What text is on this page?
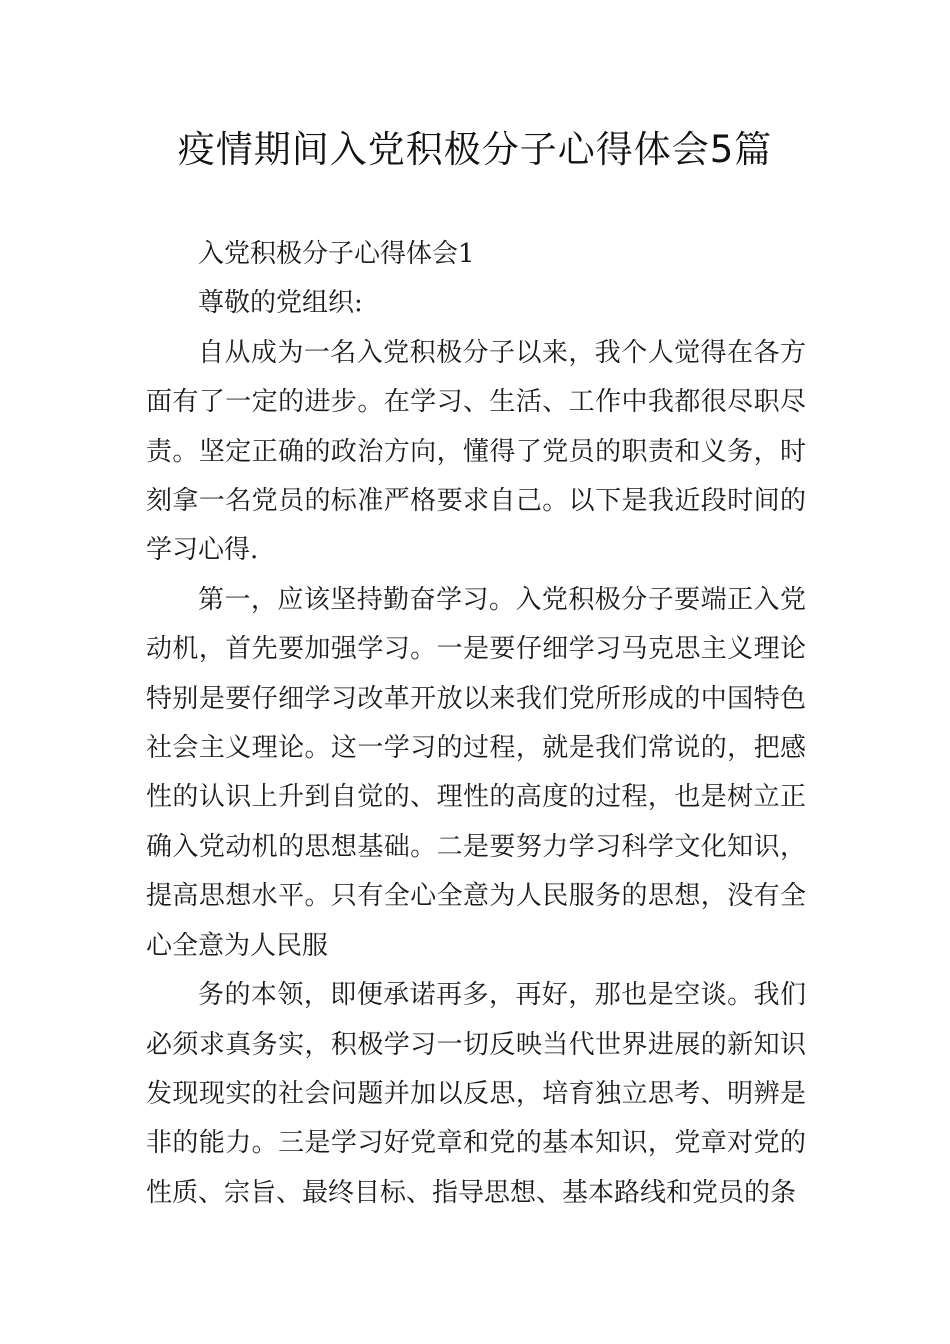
疫情期间入党积极分子心得体会5篇

入党积极分子心得体会1

尊敬的党组织:

自从成为一名入党积极分子以来，我个人觉得在各方面有了一定的进步。在学习、生活、工作中我都很尽职尽责。坚定正确的政治方向，懂得了党员的职责和义务，时刻拿一名党员的标准严格要求自己。以下是我近段时间的学习心得.

第一，应该坚持勤奋学习。入党积极分子要端正入党动机，首先要加强学习。一是要仔细学习马克思主义理论特别是要仔细学习改革开放以来我们党所形成的中国特色社会主义理论。这一学习的过程，就是我们常说的，把感性的认识上升到自觉的、理性的高度的过程，也是树立正确入党动机的思想基础。二是要努力学习科学文化知识，提高思想水平。只有全心全意为人民服务的思想，没有全心全意为人民服

务的本领，即便承诺再多，再好，那也是空谈。我们必须求真务实，积极学习一切反映当代世界进展的新知识发现现实的社会问题并加以反思，培育独立思考、明辨是非的能力。三是学习好党章和党的基本知识，党章对党的性质、宗旨、最终目标、指导思想、基本路线和党员的条
